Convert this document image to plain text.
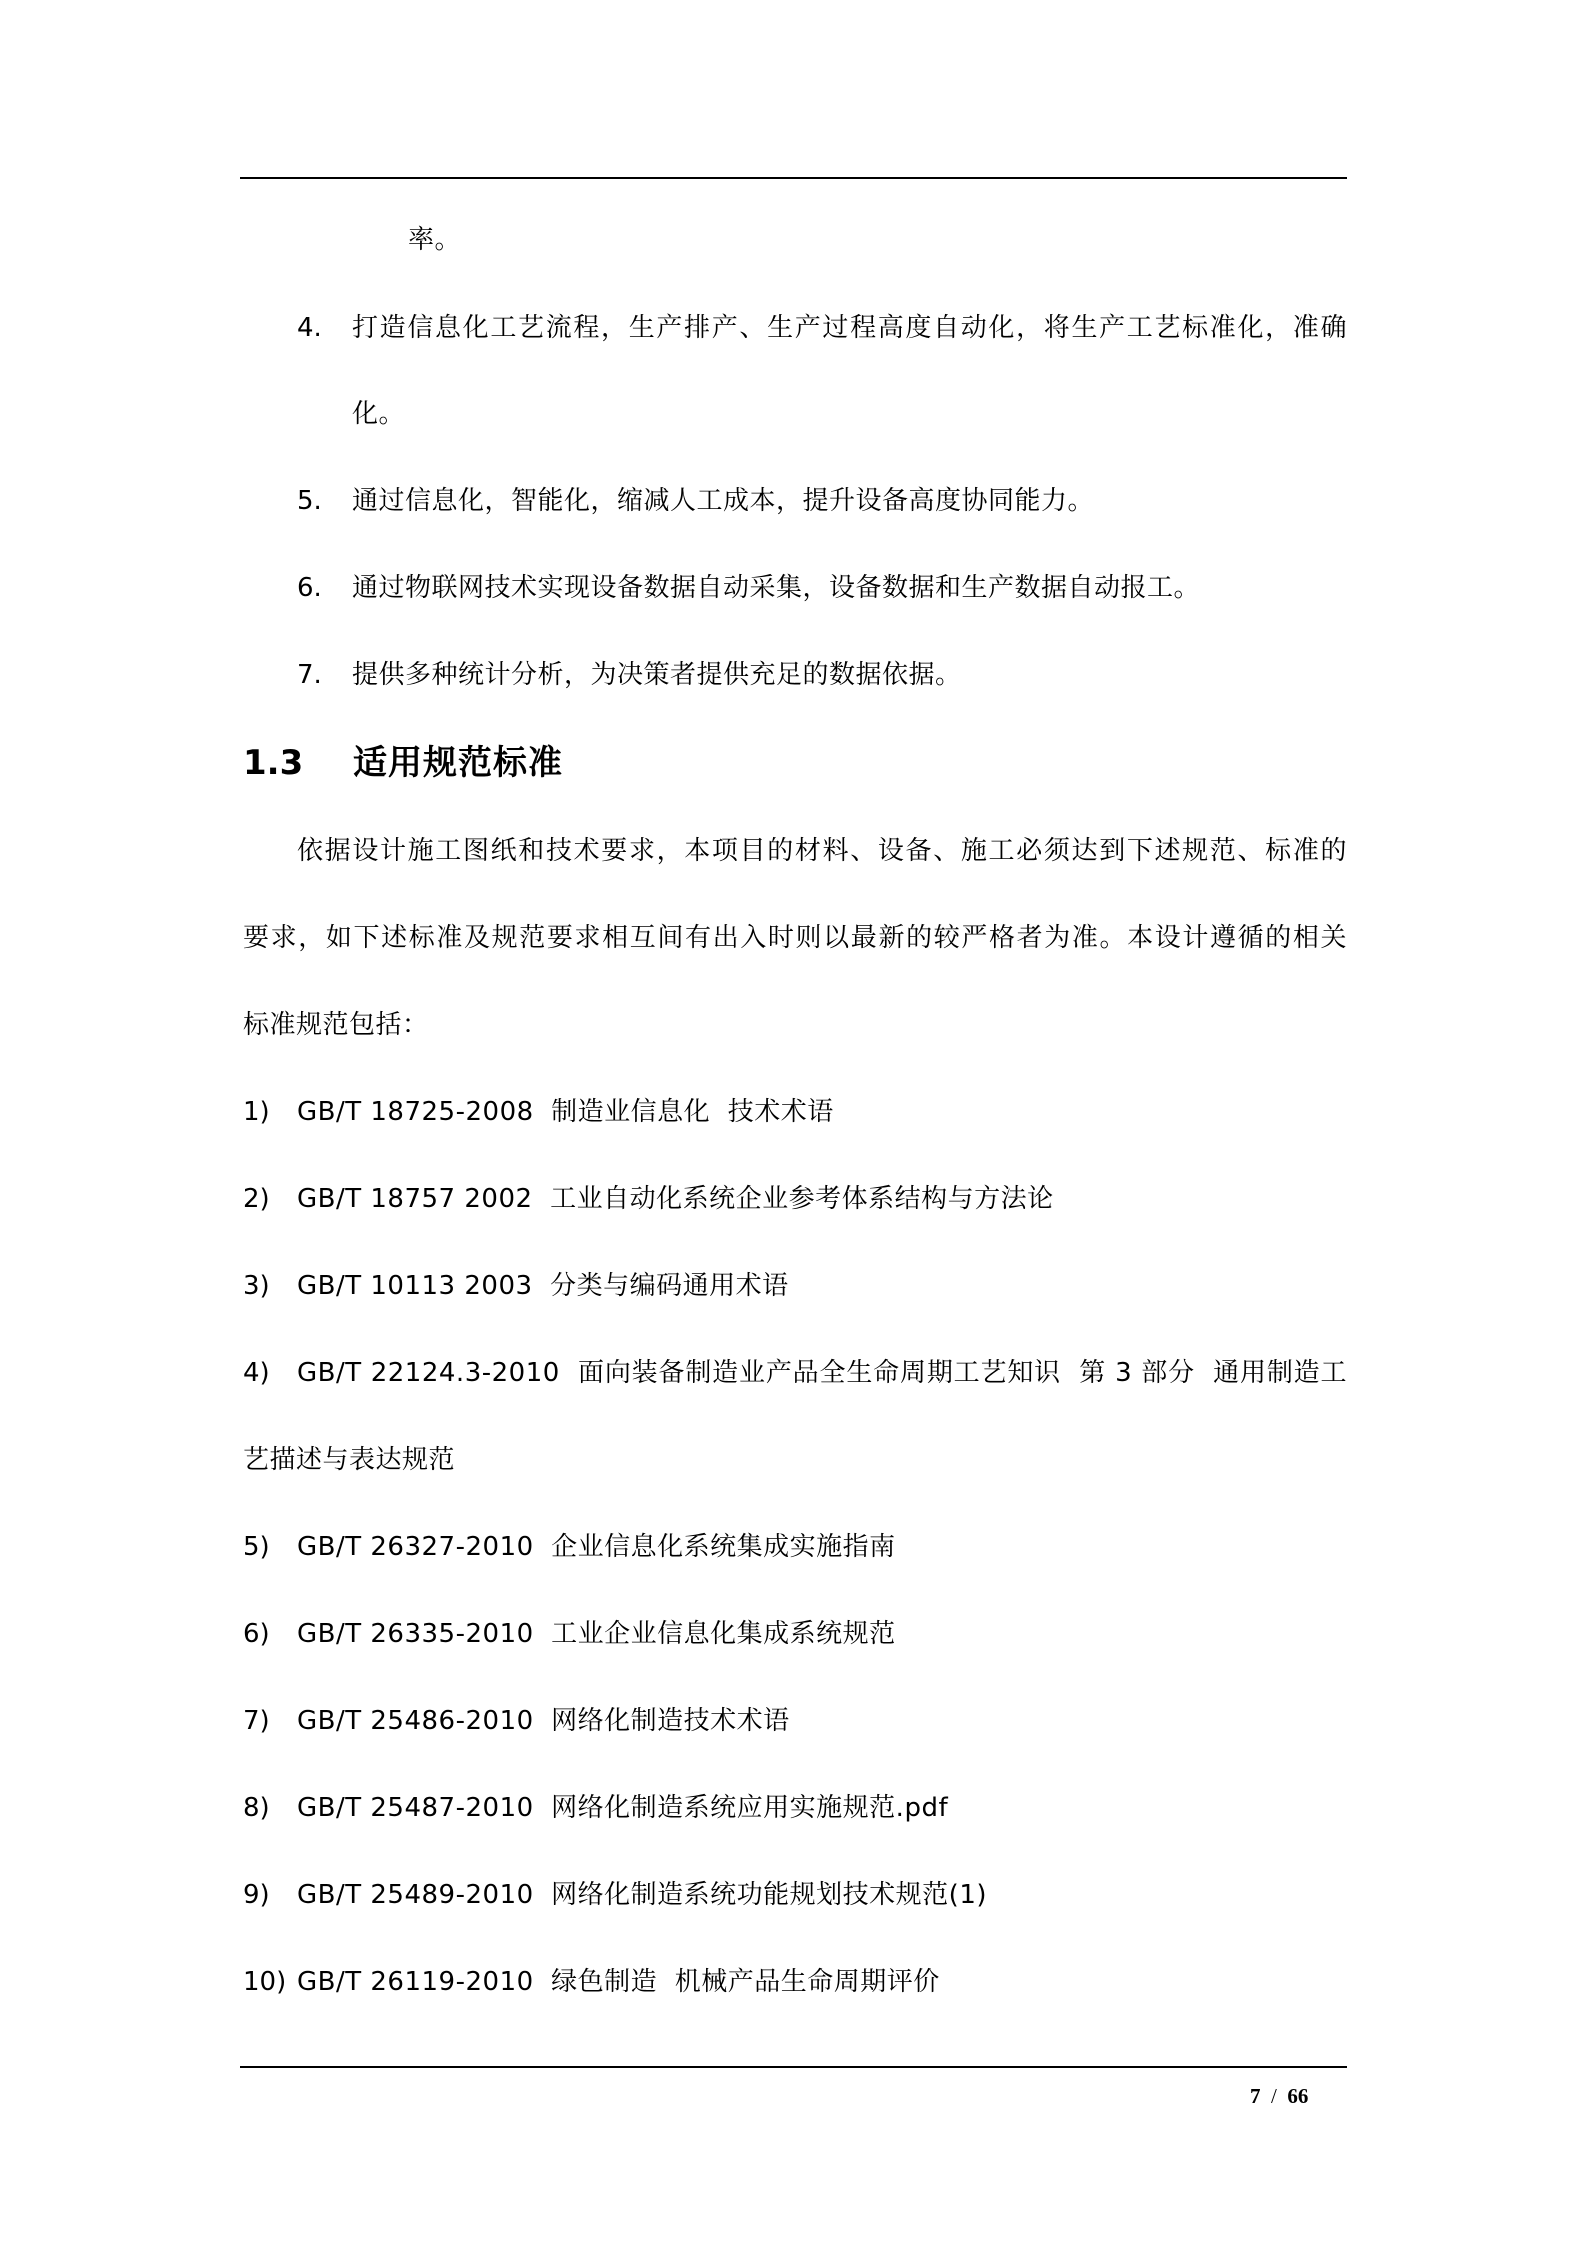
率。
4. 打造信息化工艺流程，生产排产、生产过程高度自动化，将生产工艺标准化，准确
化。
5. 通过信息化，智能化，缩减人工成本，提升设备高度协同能力。
6. 通过物联网技术实现设备数据自动采集，设备数据和生产数据自动报工。
7. 提供多种统计分析，为决策者提供充足的数据依据。
1.3 适用规范标准
依据设计施工图纸和技术要求，本项目的材料、设备、施工必须达到下述规范、标准的
要求，如下述标准及规范要求相互间有出入时则以最新的较严格者为准。本设计遵循的相关
标准规范包括：
1) GB/T 18725-2008  制造业信息化  技术术语
2) GB/T 18757 2002  工业自动化系统企业参考体系结构与方法论
3) GB/T 10113 2003  分类与编码通用术语
4) GB/T 22124.3-2010  面向装备制造业产品全生命周期工艺知识  第 3 部分  通用制造工
艺描述与表达规范
5) GB/T 26327-2010  企业信息化系统集成实施指南
6) GB/T 26335-2010  工业企业信息化集成系统规范
7) GB/T 25486-2010  网络化制造技术术语
8) GB/T 25487-2010  网络化制造系统应用实施规范.pdf
9) GB/T 25489-2010  网络化制造系统功能规划技术规范(1)
10) GB/T 26119-2010  绿色制造  机械产品生命周期评价
7 / 66
